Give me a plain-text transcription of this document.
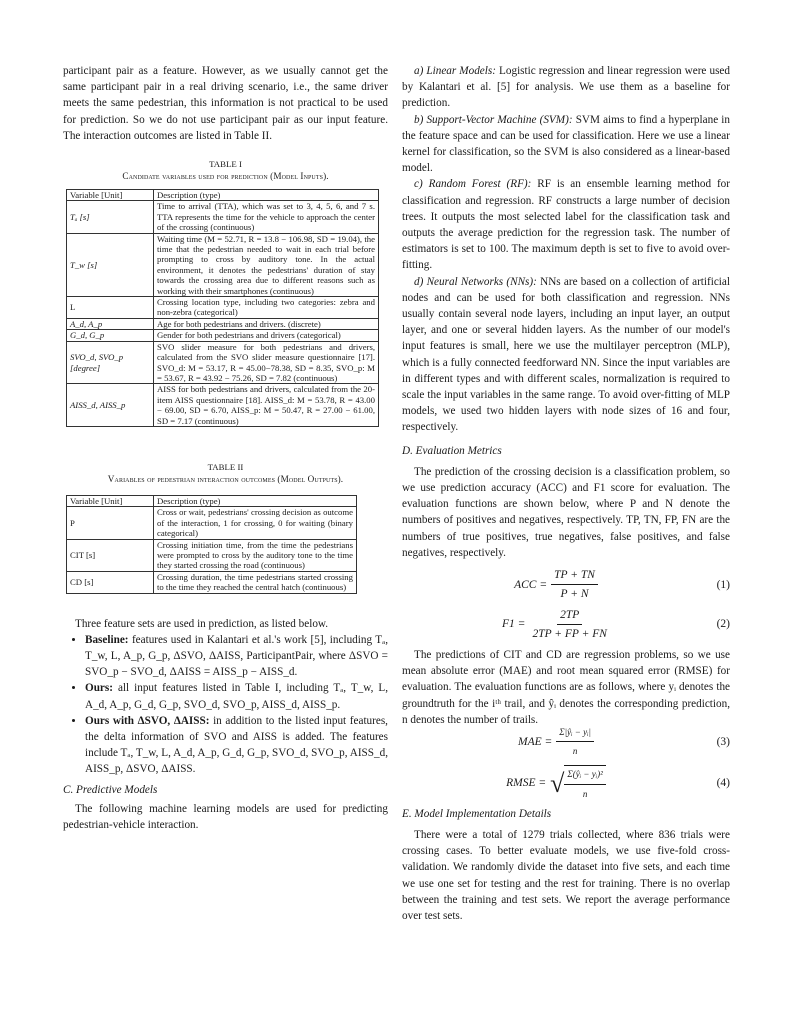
participant pair as a feature. However, as we usually cannot get the same participant pair in a real driving scenario, i.e., the same driver meets the same pedestrian, this information is not practical to be used for prediction. So we do not use participant pair as our input feature. The interaction outcomes are listed in Table II.

TABLE I

Candidate variables used for prediction (Model Inputs).

Variable [Unit]	Description (type)
Tₐ [s]	Time to arrival (TTA), which was set to 3, 4, 5, 6, and 7 s. TTA represents the time for the vehicle to approach the center of the crossing (continuous)
T_w [s]	Waiting time (M = 52.71, R = 13.8 − 106.98, SD = 19.04), the time that the pedestrian needed to wait in each trial before prompting to cross by auditory tone. In the actual environment, it denotes the pedestrians' duration of stay towards the crossing area due to different reasons such as working with their smartphones (continuous)
L	Crossing location type, including two categories: zebra and non-zebra (categorical)
A_d, A_p	Age for both pedestrians and drivers. (discrete)
G_d, G_p	Gender for both pedestrians and drivers (categorical)
SVO_d, SVO_p [degree]	SVO slider measure for both pedestrians and drivers, calculated from the SVO slider measure questionnaire [17]. SVO_d: M = 53.17, R = 45.00−78.38, SD = 8.35, SVO_p: M = 53.67, R = 43.92 − 75.26, SD = 7.82 (continuous)
AISS_d, AISS_p	AISS for both pedestrians and drivers, calculated from the 20-item AISS questionnaire [18]. AISS_d: M = 53.78, R = 43.00 − 69.00, SD = 6.70, AISS_p: M = 50.47, R = 27.00 − 61.00, SD = 7.17 (continuous)

TABLE II

Variables of pedestrian interaction outcomes (Model Outputs).

Variable [Unit]	Description (type)
P	Cross or wait, pedestrians' crossing decision as outcome of the interaction, 1 for crossing, 0 for waiting (binary categorical)
CIT [s]	Crossing initiation time, from the time the pedestrians were prompted to cross by the auditory tone to the time they started crossing the road (continuous)
CD [s]	Crossing duration, the time pedestrians started crossing to the time they reached the central hatch (continuous)

Three feature sets are used in prediction, as listed below.

• Baseline: features used in Kalantari et al.'s work [5], including Tₐ, T_w, L, A_p, G_p, ΔSVO, ΔAISS, ParticipantPair, where ΔSVO = SVO_p − SVO_d, ΔAISS = AISS_p − AISS_d.
• Ours: all input features listed in Table I, including Tₐ, T_w, L, A_d, A_p, G_d, G_p, SVO_d, SVO_p, AISS_d, AISS_p.
• Ours with ΔSVO, ΔAISS: in addition to the listed input features, the delta information of SVO and AISS is added. The features include Tₐ, T_w, L, A_d, A_p, G_d, G_p, SVO_d, SVO_p, AISS_d, AISS_p, ΔSVO, ΔAISS.

C. Predictive Models

The following machine learning models are used for predicting pedestrian-vehicle interaction.

a) Linear Models: Logistic regression and linear regression were used by Kalantari et al. [5] for analysis. We use them as a baseline for prediction.

b) Support-Vector Machine (SVM): SVM aims to find a hyperplane in the feature space and can be used for classification. Here we use a linear kernel for classification, so the SVM is also considered as a linear-based model.

c) Random Forest (RF): RF is an ensemble learning method for classification and regression. RF constructs a large number of decision trees. It outputs the most selected label for the classification task and outputs the average prediction for the regression task. The number of estimators is set to 100. The maximum depth is set to five to avoid over-fitting.

d) Neural Networks (NNs): NNs are based on a collection of artificial nodes and can be used for both classification and regression. NNs usually contain several node layers, including an input layer, an output layer, and one or several hidden layers. As the number of our model's input features is small, here we use the multilayer perceptron (MLP), which is a fully connected feedforward NN. Since the input variables are in different types and with different scales, normalization is required to scale the input variables in the same range. To avoid over-fitting of MLP models, we used two hidden layers with node sizes of 16 and four, respectively.

D. Evaluation Metrics

The prediction of the crossing decision is a classification problem, so we use prediction accuracy (ACC) and F1 score for evaluation. The evaluation functions are shown below, where P and N denote the numbers of positives and negatives, respectively. TP, TN, FP, FN are the numbers of true positives, true negatives, false positives, and false negatives, respectively.

ACC = $\frac{TP + TN}{P + N}$	(1)
$F1 = \frac{2TP}{2TP + FP + FN}$	(2)

The predictions of CIT and CD are regression problems, so we use mean absolute error (MAE) and root mean squared error (RMSE) for evaluation. The evaluation functions are as follows, where yᵢ denotes the groundtruth for the iᵗʰ trail, and ŷᵢ denotes the corresponding prediction, n denotes the number of trails.

MAE = $\frac{\text{Σ|ŷᵢ − yᵢ|}}{n}$	(3)
RMSE = √ $\frac{\text{Σ(ŷᵢ − yᵢ)²}}{n}$	(4)

E. Model Implementation Details

There were a total of 1279 trials collected, where 836 trials were crossing cases. To better evaluate models, we use five-fold cross-validation. We randomly divide the dataset into five sets, and each time we use one set for testing and the rest for training. There is no overlap between the training and test sets. We report the average performance over test sets.
